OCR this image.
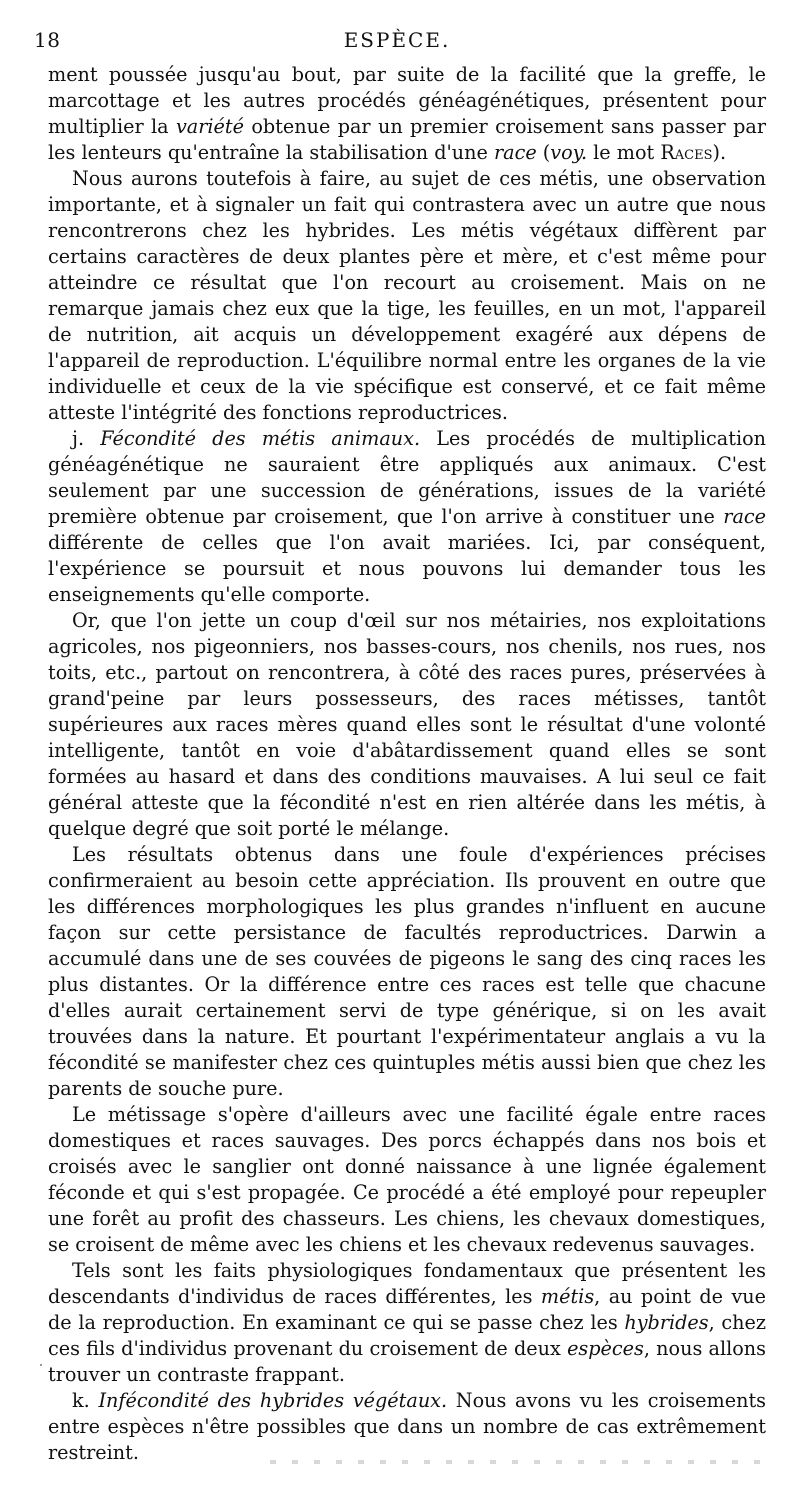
18	ESPÈCE.

ment poussée jusqu'au bout, par suite de la facilité que la greffe, le marcottage et les autres procédés généagénétiques, présentent pour multiplier la variété obtenue par un premier croisement sans passer par les lenteurs qu'entraîne la stabilisation d'une race (voy. le mot Races).

Nous aurons toutefois à faire, au sujet de ces métis, une observation importante, et à signaler un fait qui contrastera avec un autre que nous rencontrerons chez les hybrides. Les métis végétaux diffèrent par certains caractères de deux plantes père et mère, et c'est même pour atteindre ce résultat que l'on recourt au croisement. Mais on ne remarque jamais chez eux que la tige, les feuilles, en un mot, l'appareil de nutrition, ait acquis un développement exagéré aux dépens de l'appareil de reproduction. L'équilibre normal entre les organes de la vie individuelle et ceux de la vie spécifique est conservé, et ce fait même atteste l'intégrité des fonctions reproductrices.

j. Fécondité des métis animaux. Les procédés de multiplication généagénétique ne sauraient être appliqués aux animaux. C'est seulement par une succession de générations, issues de la variété première obtenue par croisement, que l'on arrive à constituer une race différente de celles que l'on avait mariées. Ici, par conséquent, l'expérience se poursuit et nous pouvons lui demander tous les enseignements qu'elle comporte.

Or, que l'on jette un coup d'œil sur nos métairies, nos exploitations agricoles, nos pigeonniers, nos basses-cours, nos chenils, nos rues, nos toits, etc., partout on rencontrera, à côté des races pures, préservées à grand'peine par leurs possesseurs, des races métisses, tantôt supérieures aux races mères quand elles sont le résultat d'une volonté intelligente, tantôt en voie d'abâtardissement quand elles se sont formées au hasard et dans des conditions mauvaises. A lui seul ce fait général atteste que la fécondité n'est en rien altérée dans les métis, à quelque degré que soit porté le mélange.

Les résultats obtenus dans une foule d'expériences précises confirmeraient au besoin cette appréciation. Ils prouvent en outre que les différences morphologiques les plus grandes n'influent en aucune façon sur cette persistance de facultés reproductrices. Darwin a accumulé dans une de ses couvées de pigeons le sang des cinq races les plus distantes. Or la différence entre ces races est telle que chacune d'elles aurait certainement servi de type générique, si on les avait trouvées dans la nature. Et pourtant l'expérimentateur anglais a vu la fécondité se manifester chez ces quintuples métis aussi bien que chez les parents de souche pure.

Le métissage s'opère d'ailleurs avec une facilité égale entre races domestiques et races sauvages. Des porcs échappés dans nos bois et croisés avec le sanglier ont donné naissance à une lignée également féconde et qui s'est propagée. Ce procédé a été employé pour repeupler une forêt au profit des chasseurs. Les chiens, les chevaux domestiques, se croisent de même avec les chiens et les chevaux redevenus sauvages.

Tels sont les faits physiologiques fondamentaux que présentent les descendants d'individus de races différentes, les métis, au point de vue de la reproduction. En examinant ce qui se passe chez les hybrides, chez ces fils d'individus provenant du croisement de deux espèces, nous allons trouver un contraste frappant.

k. Infécondité des hybrides végétaux. Nous avons vu les croisements entre espèces n'être possibles que dans un nombre de cas extrêmement restreint.
